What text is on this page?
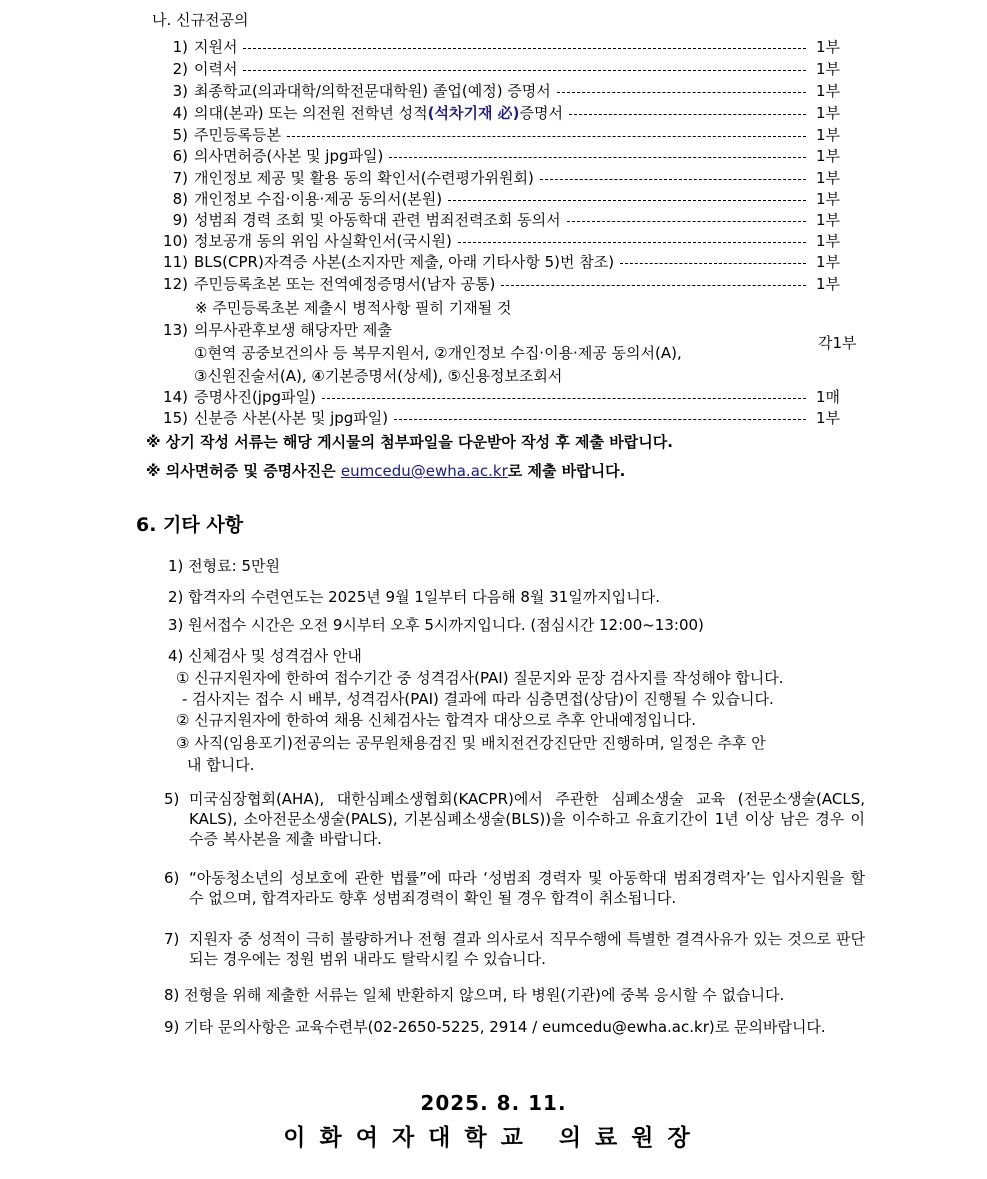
나. 신규전공의
1) 지원서	1부
2) 이력서	1부
3) 최종학교(의과대학/의학전문대학원) 졸업(예정) 증명서	1부
4) 의대(본과) 또는 의전원 전학년 성적(석차기재 必)증명서	1부
5) 주민등록등본	1부
6) 의사면허증(사본 및 jpg파일)	1부
7) 개인정보 제공 및 활용 동의 확인서(수련평가위원회)	1부
8) 개인정보 수집·이용·제공 동의서(본원)	1부
9) 성범죄 경력 조회 및 아동학대 관련 범죄전력조회 동의서	1부
10) 정보공개 동의 위임 사실확인서(국시원)	1부
11) BLS(CPR)자격증 사본(소지자만 제출, 아래 기타사항 5)번 참조)	1부
12) 주민등록초본 또는 전역예정증명서(남자 공통)	1부
※ 주민등록초본 제출시 병적사항 필히 기재될 것
13) 의무사관후보생 해당자만 제출
①현역 공중보건의사 등 복무지원서, ②개인정보 수집·이용·제공 동의서(A),
③신원진술서(A), ④기본증명서(상세), ⑤신용정보조회서
각1부
14) 증명사진(jpg파일)	1매
15) 신분증 사본(사본 및 jpg파일)	1부
※ 상기 작성 서류는 해당 게시물의 첨부파일을 다운받아 작성 후 제출 바랍니다.
※ 의사면허증 및 증명사진은 eumcedu@ewha.ac.kr로 제출 바랍니다.
6. 기타 사항
1) 전형료: 5만원
2) 합격자의 수련연도는 2025년 9월 1일부터 다음해 8월 31일까지입니다.
3) 원서접수 시간은 오전 9시부터 오후 5시까지입니다. (점심시간 12:00~13:00)
4) 신체검사 및 성격검사 안내
① 신규지원자에 한하여 접수기간 중 성격검사(PAI) 질문지와 문장 검사지를 작성해야 합니다.
- 검사지는 접수 시 배부, 성격검사(PAI) 결과에 따라 심층면접(상담)이 진행될 수 있습니다.
② 신규지원자에 한하여 채용 신체검사는 합격자 대상으로 추후 안내예정입니다.
③ 사직(임용포기)전공의는 공무원채용검진 및 배치전건강진단만 진행하며, 일정은 추후 안
내 합니다.
5) 미국심장협회(AHA), 대한심폐소생협회(KACPR)에서 주관한 심폐소생술 교육 (전문소생술(ACLS, KALS), 소아전문소생술(PALS), 기본심폐소생술(BLS))을 이수하고 유효기간이 1년 이상 남은 경우 이수증 복사본을 제출 바랍니다.
6) “아동청소년의 성보호에 관한 법률”에 따라 ‘성범죄 경력자 및 아동학대 범죄경력자’는 입사지원을 할 수 없으며, 합격자라도 향후 성범죄경력이 확인 될 경우 합격이 취소됩니다.
7) 지원자 중 성적이 극히 불량하거나 전형 결과 의사로서 직무수행에 특별한 결격사유가 있는 것으로 판단되는 경우에는 정원 범위 내라도 탈락시킬 수 있습니다.
8) 전형을 위해 제출한 서류는 일체 반환하지 않으며, 타 병원(기관)에 중복 응시할 수 없습니다.
9) 기타 문의사항은 교육수련부(02-2650-5225, 2914 / eumcedu@ewha.ac.kr)로 문의바랍니다.
2025. 8. 11.
이화여자대학교 의료원장
